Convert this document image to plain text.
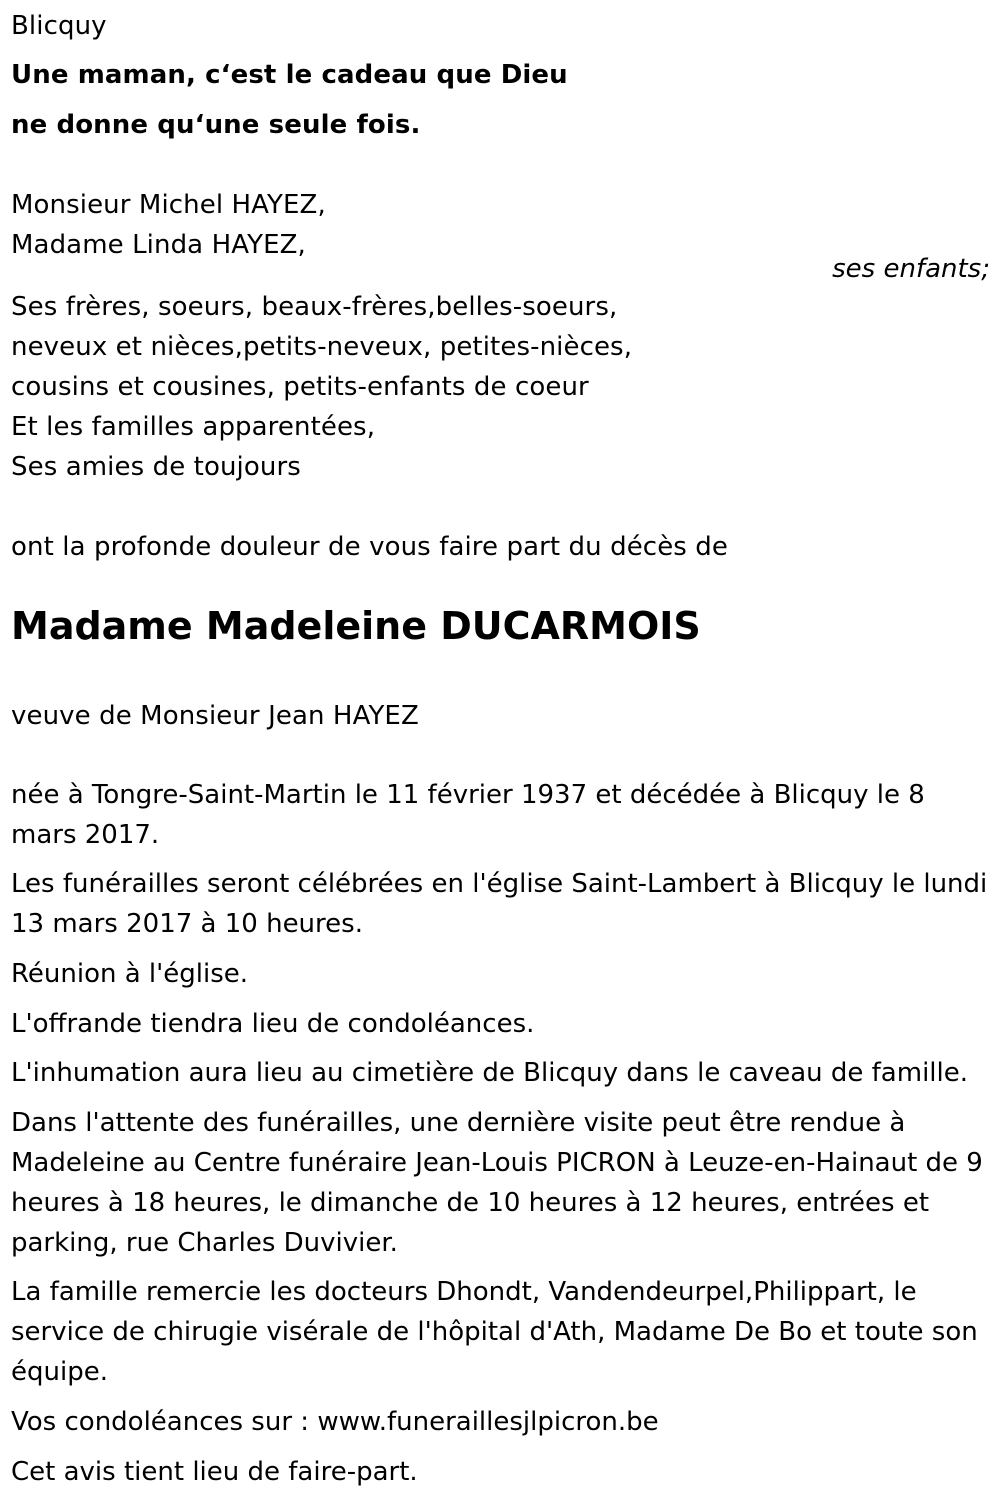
Blicquy
Une maman, c‘est le cadeau que Dieu
ne donne qu‘une seule fois.
Monsieur Michel HAYEZ,
Madame Linda HAYEZ,
ses enfants;
Ses frères, soeurs, beaux-frères,belles-soeurs,
neveux et nièces,petits-neveux, petites-nièces,
cousins et cousines, petits-enfants de coeur
Et les familles apparentées,
Ses amies de toujours
ont la profonde douleur de vous faire part du décès de
Madame Madeleine DUCARMOIS
veuve de Monsieur Jean HAYEZ
née à Tongre-Saint-Martin le 11 février 1937 et décédée à Blicquy le 8 mars 2017.
Les funérailles seront célébrées en l'église Saint-Lambert à Blicquy le lundi 13 mars 2017 à 10 heures.
Réunion à l'église.
L'offrande tiendra lieu de condoléances.
L'inhumation aura lieu au cimetière de Blicquy dans le caveau de famille.
Dans l'attente des funérailles, une dernière visite peut être rendue à Madeleine au Centre funéraire Jean-Louis PICRON à Leuze-en-Hainaut de 9 heures à 18 heures, le dimanche de 10 heures à 12 heures, entrées et parking, rue Charles Duvivier.
La famille remercie les docteurs Dhondt, Vandendeurpel,Philippart, le service de chirugie visérale de l'hôpital d'Ath, Madame De Bo et toute son équipe.
Vos condoléances sur : www.funeraillesjlpicron.be
Cet avis tient lieu de faire-part.
